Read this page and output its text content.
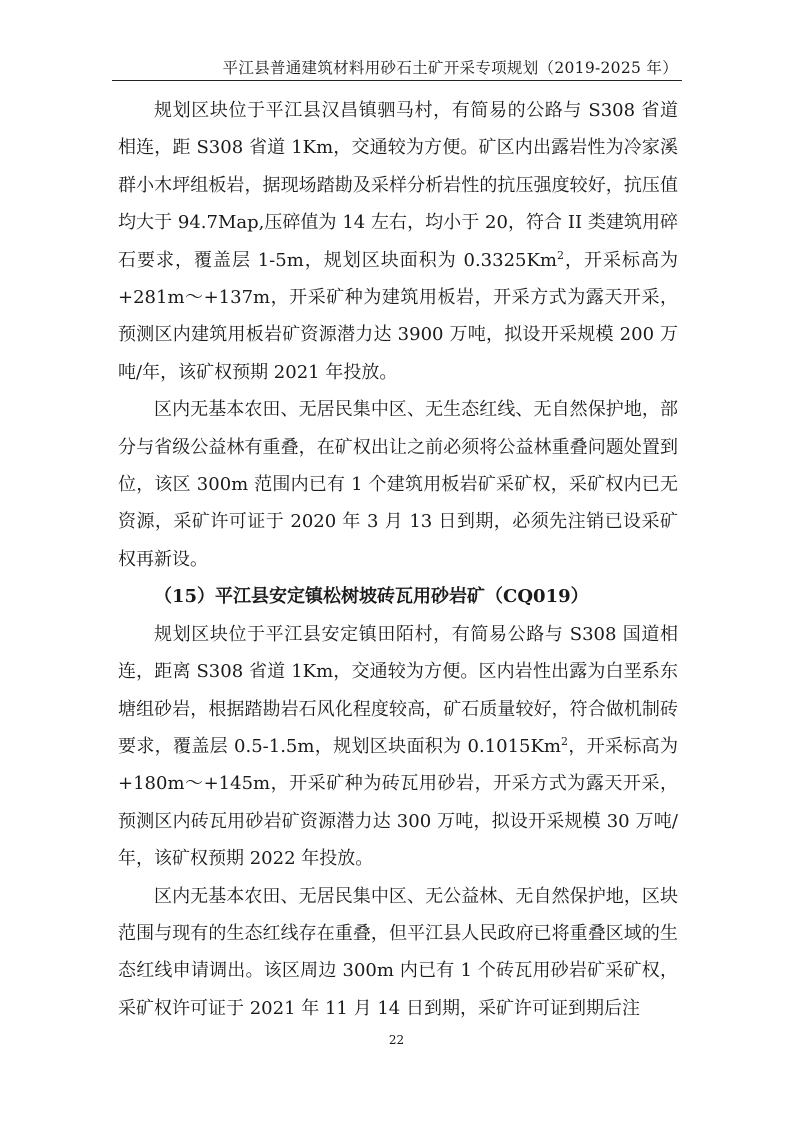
平江县普通建筑材料用砂石土矿开采专项规划（2019-2025 年）

规划区块位于平江县汉昌镇驷马村，有简易的公路与 S308 省道相连，距 S308 省道 1Km，交通较为方便。矿区内出露岩性为冷家溪群小木坪组板岩，据现场踏勘及采样分析岩性的抗压强度较好，抗压值均大于 94.7Map,压碎值为 14 左右，均小于 20，符合 II 类建筑用碎石要求，覆盖层 1-5m，规划区块面积为 0.3325Km$^2$，开采标高为+281m～+137m，开采矿种为建筑用板岩，开采方式为露天开采，预测区内建筑用板岩矿资源潜力达 3900 万吨，拟设开采规模 200 万吨/年，该矿权预期 2021 年投放。

区内无基本农田、无居民集中区、无生态红线、无自然保护地，部分与省级公益林有重叠，在矿权出让之前必须将公益林重叠问题处置到位，该区 300m 范围内已有 1 个建筑用板岩矿采矿权，采矿权内已无资源，采矿许可证于 2020 年 3 月 13 日到期，必须先注销已设采矿权再新设。

（15）平江县安定镇松树坡砖瓦用砂岩矿（CQ019）

规划区块位于平江县安定镇田陌村，有简易公路与 S308 国道相连，距离 S308 省道 1Km，交通较为方便。区内岩性出露为白垩系东塘组砂岩，根据踏勘岩石风化程度较高，矿石质量较好，符合做机制砖要求，覆盖层 0.5-1.5m，规划区块面积为 0.1015Km$^2$，开采标高为+180m～+145m，开采矿种为砖瓦用砂岩，开采方式为露天开采，预测区内砖瓦用砂岩矿资源潜力达 300 万吨，拟设开采规模 30 万吨/年，该矿权预期 2022 年投放。

区内无基本农田、无居民集中区、无公益林、无自然保护地，区块范围与现有的生态红线存在重叠，但平江县人民政府已将重叠区域的生态红线申请调出。该区周边 300m 内已有 1 个砖瓦用砂岩矿采矿权，采矿权许可证于 2021 年 11 月 14 日到期，采矿许可证到期后注

22
